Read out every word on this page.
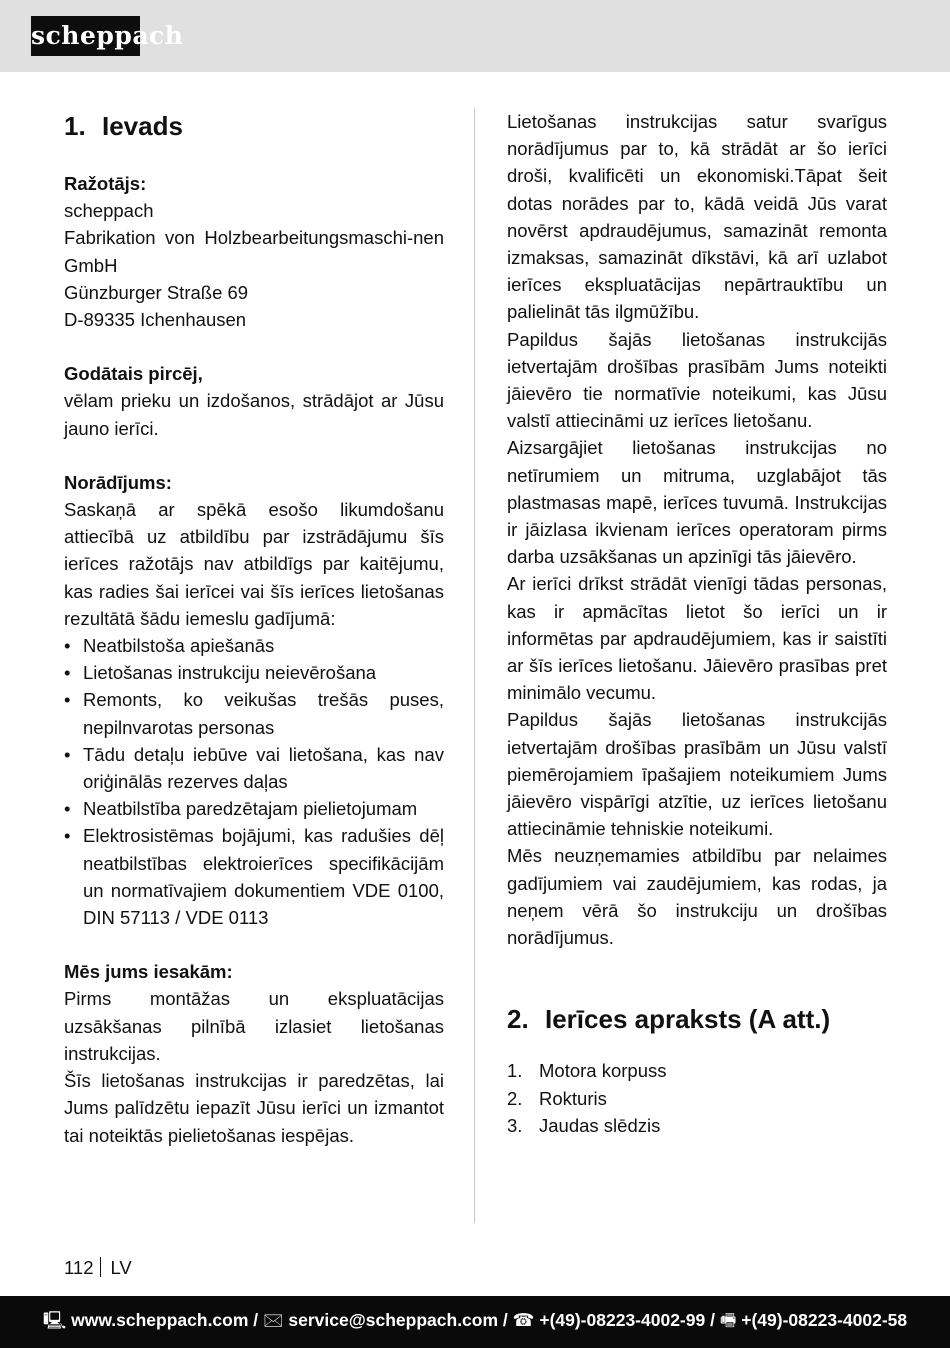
scheppach
1. Ievads

Ražotājs:

scheppach

Fabrikation von Holzbearbeitungsmaschi-nen GmbH

Günzburger Straße 69

D-89335 Ichenhausen

Godātais pircēj,

vēlam prieku un izdošanos, strādājot ar Jūsu jauno ierīci.

Norādījums:

Saskaņā ar spēkā esošo likumdošanu attiecībā uz atbildību par izstrādājumu šīs ierīces ražotājs nav atbildīgs par kaitējumu, kas radies šai ierīcei vai šīs ierīces lietošanas rezultātā šādu iemeslu gadījumā:

• Neatbilstoša apiešanās
• Lietošanas instrukciju neievērošana
• Remonts, ko veikušas trešās puses, nepilnvarotas personas
• Tādu detaļu iebūve vai lietošana, kas nav oriģinālās rezerves daļas
• Neatbilstība paredzētajam pielietojumam
• Elektrosistēmas bojājumi, kas radušies dēļ neatbilstības elektroierīces specifikācijām un normatīvajiem dokumentiem VDE 0100, DIN 57113 / VDE 0113

Mēs jums iesakām:

Pirms montāžas un ekspluatācijas uzsākšanas pilnībā izlasiet lietošanas instrukcijas.

Šīs lietošanas instrukcijas ir paredzētas, lai Jums palīdzētu iepazīt Jūsu ierīci un izmantot tai noteiktās pielietošanas iespējas.

Lietošanas instrukcijas satur svarīgus norādījumus par to, kā strādāt ar šo ierīci droši, kvalificēti un ekonomiski.Tāpat šeit dotas norādes par to, kādā veidā Jūs varat novērst apdraudējumus, samazināt remonta izmaksas, samazināt dīkstāvi, kā arī uzlabot ierīces ekspluatācijas nepārtrauktību un palielināt tās ilgmūžību.

Papildus šajās lietošanas instrukcijās ietvertajām drošības prasībām Jums noteikti jāievēro tie normatīvie noteikumi, kas Jūsu valstī attiecināmi uz ierīces lietošanu.

Aizsargājiet lietošanas instrukcijas no netīrumiem un mitruma, uzglabājot tās plastmasas mapē, ierīces tuvumā. Instrukcijas ir jāizlasa ikvienam ierīces operatoram pirms darba uzsākšanas un apzinīgi tās jāievēro.

Ar ierīci drīkst strādāt vienīgi tādas personas, kas ir apmācītas lietot šo ierīci un ir informētas par apdraudējumiem, kas ir saistīti ar šīs ierīces lietošanu. Jāievēro prasības pret minimālo vecumu.

Papildus šajās lietošanas instrukcijās ietvertajām drošības prasībām un Jūsu valstī piemērojamiem īpašajiem noteikumiem Jums jāievēro vispārīgi atzītie, uz ierīces lietošanu attiecināmie tehniskie noteikumi.

Mēs neuzņemamies atbildību par nelaimes gadījumiem vai zaudējumiem, kas rodas, ja neņem vērā šo instrukciju un drošības norādījumus.

2. Ierīces apraksts (A att.)
1. Motora korpuss
2. Rokturis
3. Jaudas slēdzis
112 LV
🖳 www.scheppach.com / 🖂 service@scheppach.com / ☎ +(49)-08223-4002-99 / 🖷 +(49)-08223-4002-58
